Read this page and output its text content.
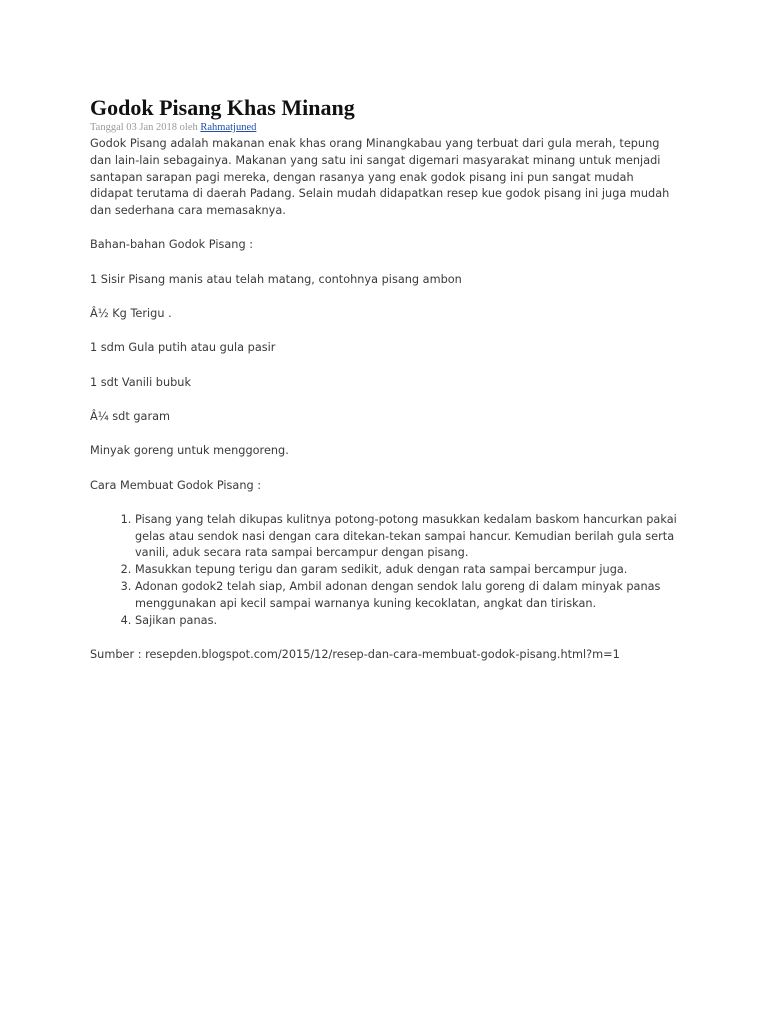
Godok Pisang Khas Minang
Tanggal 03 Jan 2018 oleh Rahmatjuned

Godok Pisang adalah makanan enak khas orang Minangkabau yang terbuat dari gula merah, tepung dan lain-lain sebagainya. Makanan yang satu ini sangat digemari masyarakat minang untuk menjadi santapan sarapan pagi mereka, dengan rasanya yang enak godok pisang ini pun sangat mudah didapat terutama di daerah Padang. Selain mudah didapatkan resep kue godok pisang ini juga mudah dan sederhana cara memasaknya.

Bahan-bahan Godok Pisang :

1 Sisir Pisang manis atau telah matang, contohnya pisang ambon

Â½ Kg Terigu .

1 sdm Gula putih atau gula pasir

1 sdt Vanili bubuk

Â¼ sdt garam

Minyak goreng untuk menggoreng.

Cara Membuat Godok Pisang :

1. Pisang yang telah dikupas kulitnya potong-potong masukkan kedalam baskom hancurkan pakai gelas atau sendok nasi dengan cara ditekan-tekan sampai hancur. Kemudian berilah gula serta vanili, aduk secara rata sampai bercampur dengan pisang.
2. Masukkan tepung terigu dan garam sedikit, aduk dengan rata sampai bercampur juga.
3. Adonan godok2 telah siap, Ambil adonan dengan sendok lalu goreng di dalam minyak panas menggunakan api kecil sampai warnanya kuning kecoklatan, angkat dan tiriskan.
4. Sajikan panas.

Sumber : resepden.blogspot.com/2015/12/resep-dan-cara-membuat-godok-pisang.html?m=1
